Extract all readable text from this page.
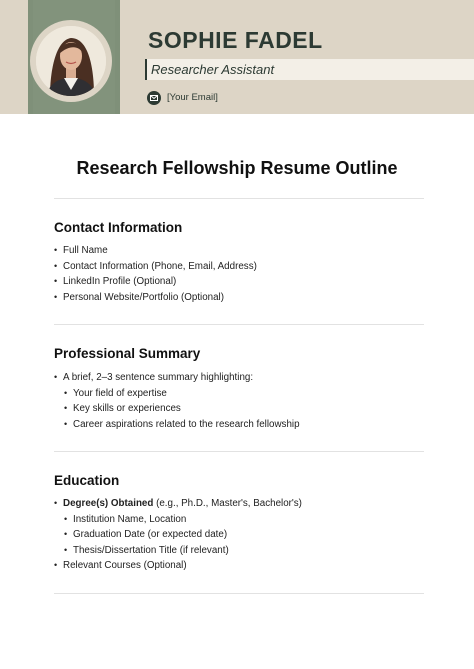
SOPHIE FADEL
Researcher Assistant
[Your Email]
Research Fellowship Resume Outline
Contact Information
• Full Name
• Contact Information (Phone, Email, Address)
• LinkedIn Profile (Optional)
• Personal Website/Portfolio (Optional)
Professional Summary
• A brief, 2–3 sentence summary highlighting:
• Your field of expertise
• Key skills or experiences
• Career aspirations related to the research fellowship
Education
• Degree(s) Obtained (e.g., Ph.D., Master's, Bachelor's)
• Institution Name, Location
• Graduation Date (or expected date)
• Thesis/Dissertation Title (if relevant)
• Relevant Courses (Optional)
